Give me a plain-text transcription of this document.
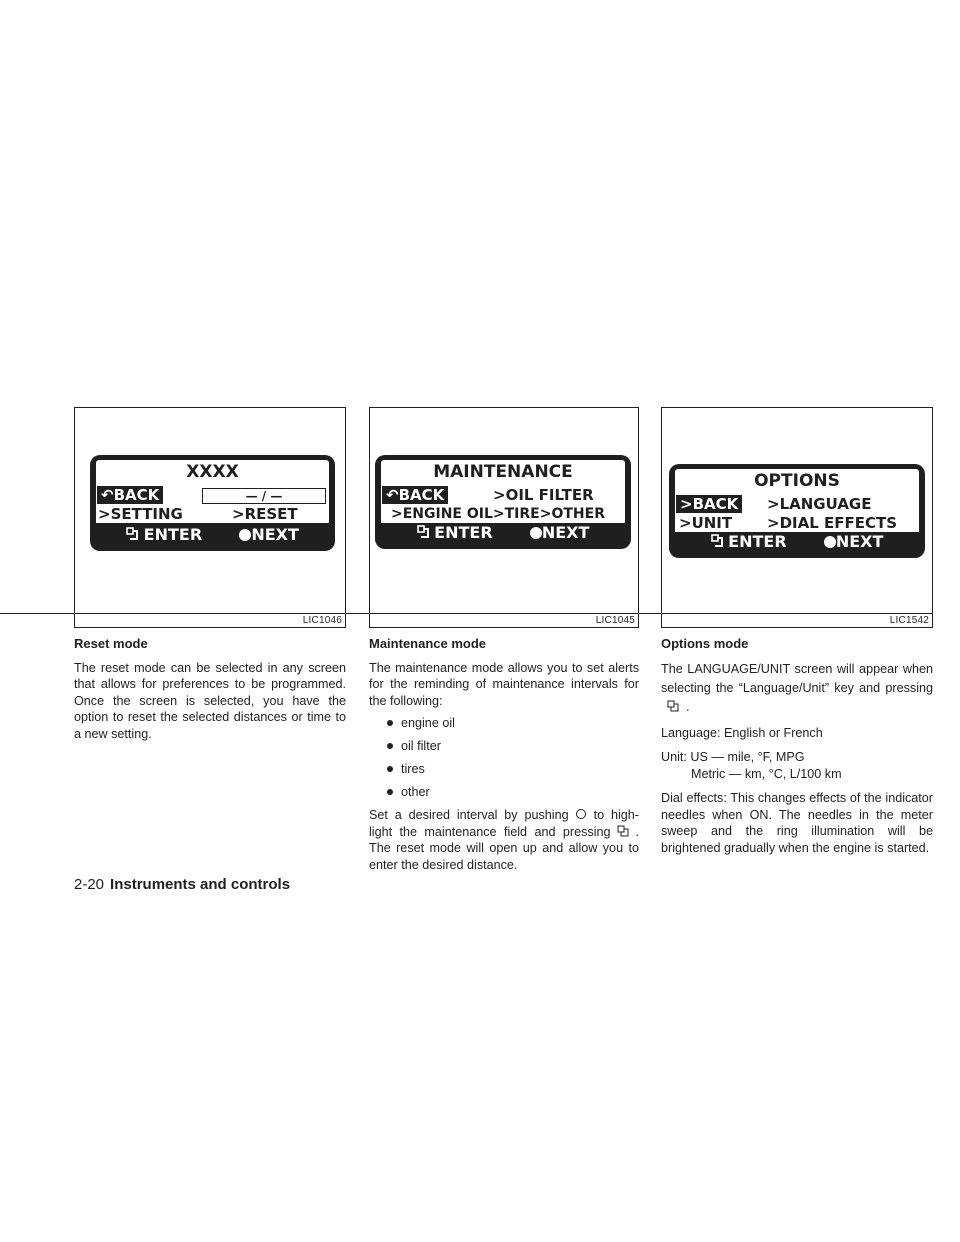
XXXX
↶BACK	— / —
>SETTING	>RESET
ENTER	NEXT
LIC1046
MAINTENANCE
↶BACK	>OIL FILTER
>ENGINE OIL>TIRE>OTHER
ENTER	NEXT
LIC1045
OPTIONS
>BACK >LANGUAGE
>UNIT >DIAL EFFECTS
ENTER	NEXT
LIC1542
Reset mode

The reset mode can be selected in any screen that allows for preferences to be programmed. Once the screen is selected, you have the option to reset the selected distances or time to a new setting.

Maintenance mode

The maintenance mode allows you to set alerts for the reminding of maintenance intervals for the following:

engine oil
oil filter
tires
other

Set a desired interval by pushing to high-light the maintenance field and pressing . The reset mode will open up and allow you to enter the desired distance.

Options mode

The LANGUAGE/UNIT screen will appear when selecting the “Language/Unit” key and pressing.

Language: English or French

Unit: US — mile, °F, MPG

Metric — km, °C, L/100 km

Dial effects: This changes effects of the indicator needles when ON. The needles in the meter sweep and the ring illumination will be brightened gradually when the engine is started.

2-20 Instruments and controls
